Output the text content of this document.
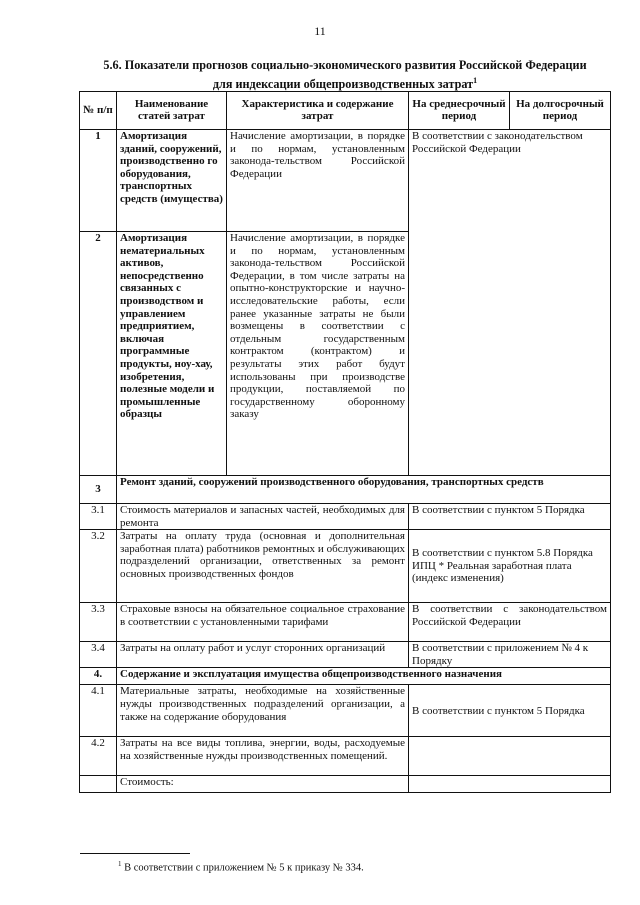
11
5.6. Показатели прогнозов социально-экономического развития Российской Федерации
для индексации общепроизводственных затрат$^1$
№ п/п	Наименование статей затрат	Характеристика и содержание затрат	На среднесрочный период	На долгосрочный период
1	Амортизация зданий, сооружений, производственно го оборудования, транспортных средств (имущества)	Начисление амортизации, в порядке и по нормам, установленным законода-тельством Российской Федерации	В соответствии с законодательством Российской Федерации	
2	Амортизация нематериальных активов, непосредственно связанных с производством и управлением предприятием, включая программные продукты, ноу-хау, изобретения, полезные модели и промышленные образцы	Начисление амортизации, в порядке и по нормам, установленным законода-тельством Российской Федерации, в том числе затраты на опытно-конструкторские и научно-исследовательские работы, если ранее указанные затраты не были возмещены в соответствии с отдельным государственным контрактом (контрактом) и результаты этих работ будут использованы при производстве продукции, поставляемой по государственному оборонному заказу		
3	Ремонт зданий, сооружений производственного оборудования, транспортных средств			
3.1	Стоимость материалов и запасных частей, необходимых для ремонта		В соответствии с пунктом 5 Порядка	
3.2	Затраты на оплату труда (основная и дополнительная заработная плата) работников ремонтных и обслуживающих подразделений организации, ответственных за ремонт основных производственных фондов		В соответствии с пунктом 5.8 Порядка ИПЦ * Реальная заработная плата (индекс изменения)	
3.3	Страховые взносы на обязательное социальное страхование в соответствии с установленными тарифами		В соответствии с законодательством Российской Федерации	
3.4	Затраты на оплату работ и услуг сторонних организаций		В соответствии с приложением № 4 к Порядку	
4.	Содержание и эксплуатация имущества общепроизводственного назначения			
4.1	Материальные затраты, необходимые на хозяйственные нужды производственных подразделений организации, а также на содержание оборудования		В соответствии с пунктом 5 Порядка	
4.2	Затраты на все виды топлива, энергии, воды, расходуемые на хозяйственные нужды производственных помещений.			
	Стоимость:			
$^1$ В соответствии с приложением № 5 к приказу № 334.
